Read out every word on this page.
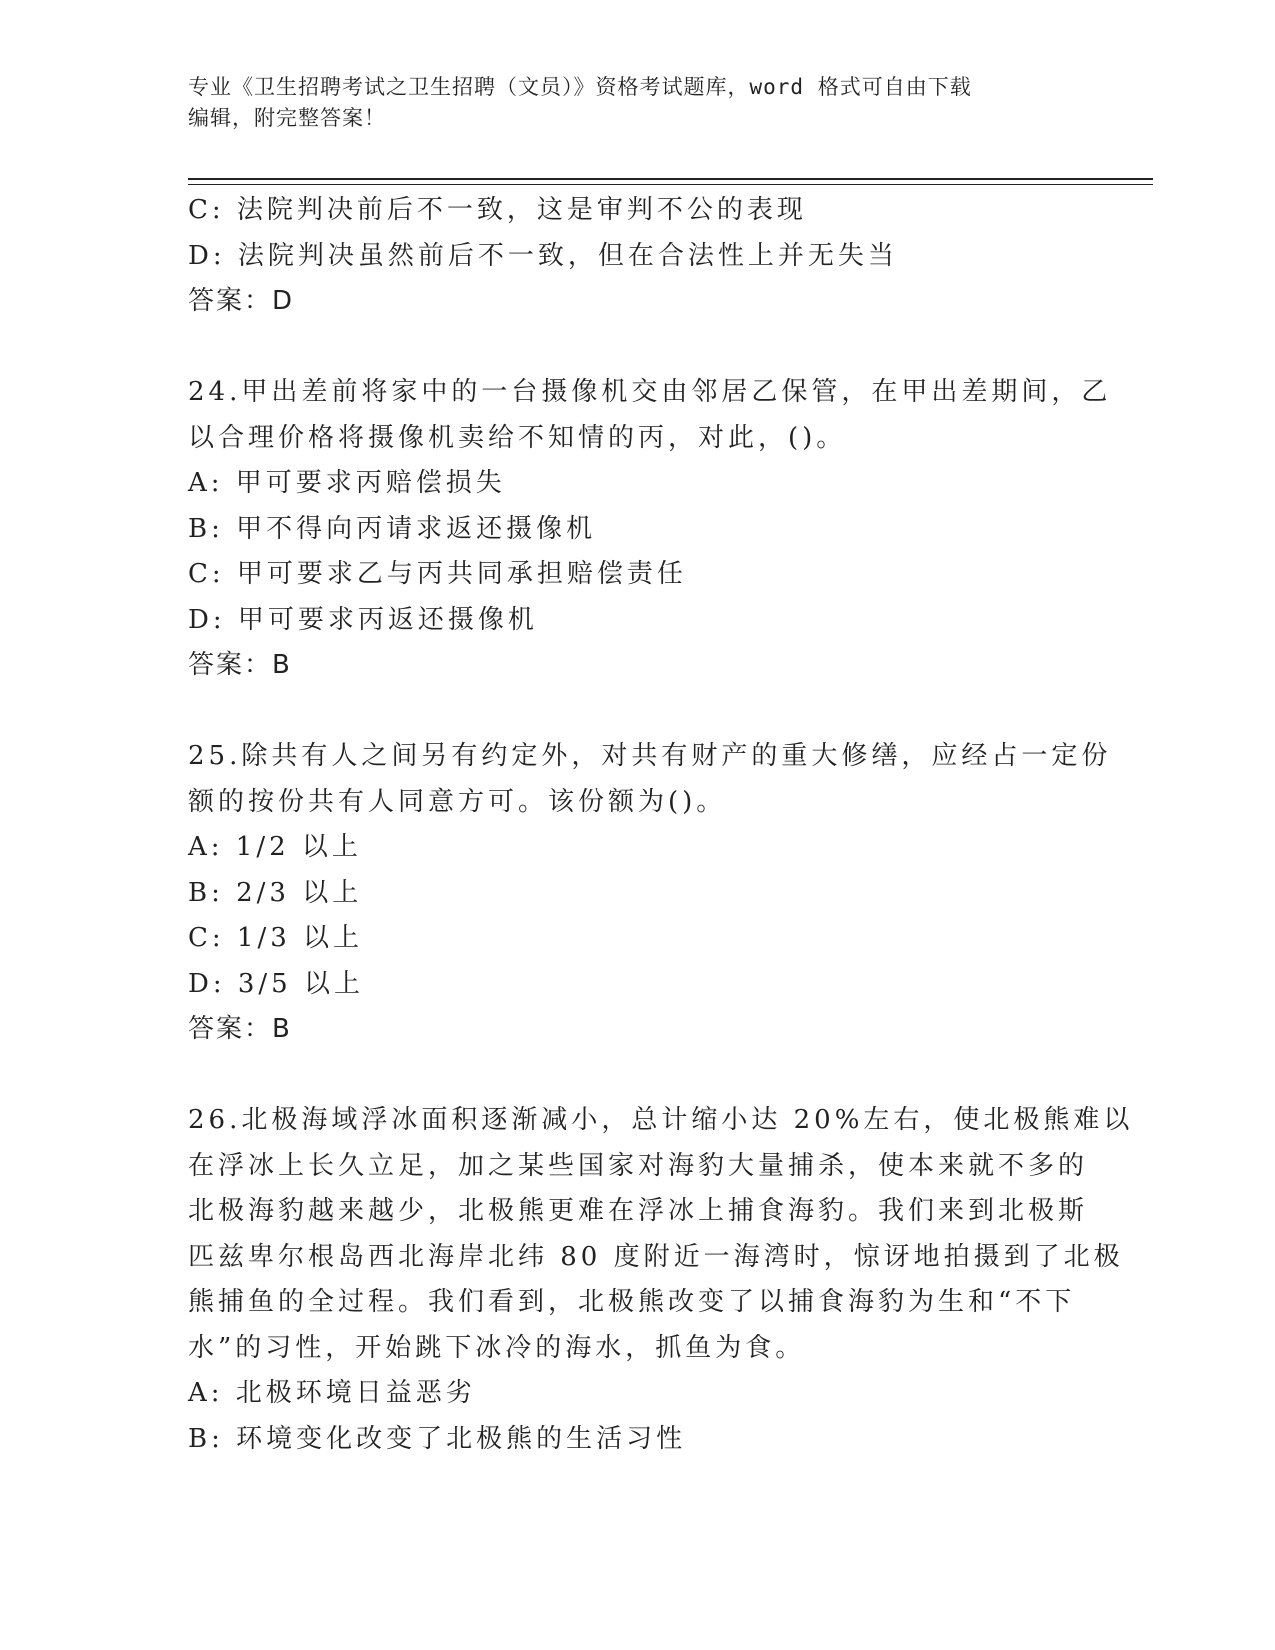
专业《卫生招聘考试之卫生招聘（文员）》资格考试题库，word 格式可自由下载
编辑，附完整答案！
C: 法院判决前后不一致，这是审判不公的表现
D: 法院判决虽然前后不一致，但在合法性上并无失当
答案：D
24.甲出差前将家中的一台摄像机交由邻居乙保管，在甲出差期间，乙
以合理价格将摄像机卖给不知情的丙，对此，()。
A: 甲可要求丙赔偿损失
B: 甲不得向丙请求返还摄像机
C: 甲可要求乙与丙共同承担赔偿责任
D: 甲可要求丙返还摄像机
答案：B
25.除共有人之间另有约定外，对共有财产的重大修缮，应经占一定份
额的按份共有人同意方可。该份额为()。
A: 1/2 以上
B: 2/3 以上
C: 1/3 以上
D: 3/5 以上
答案：B
26.北极海域浮冰面积逐渐减小，总计缩小达 20%左右，使北极熊难以
在浮冰上长久立足，加之某些国家对海豹大量捕杀，使本来就不多的
北极海豹越来越少，北极熊更难在浮冰上捕食海豹。我们来到北极斯
匹兹卑尔根岛西北海岸北纬 80 度附近一海湾时，惊讶地拍摄到了北极
熊捕鱼的全过程。我们看到，北极熊改变了以捕食海豹为生和“不下
水”的习性，开始跳下冰冷的海水，抓鱼为食。
A: 北极环境日益恶劣
B: 环境变化改变了北极熊的生活习性
